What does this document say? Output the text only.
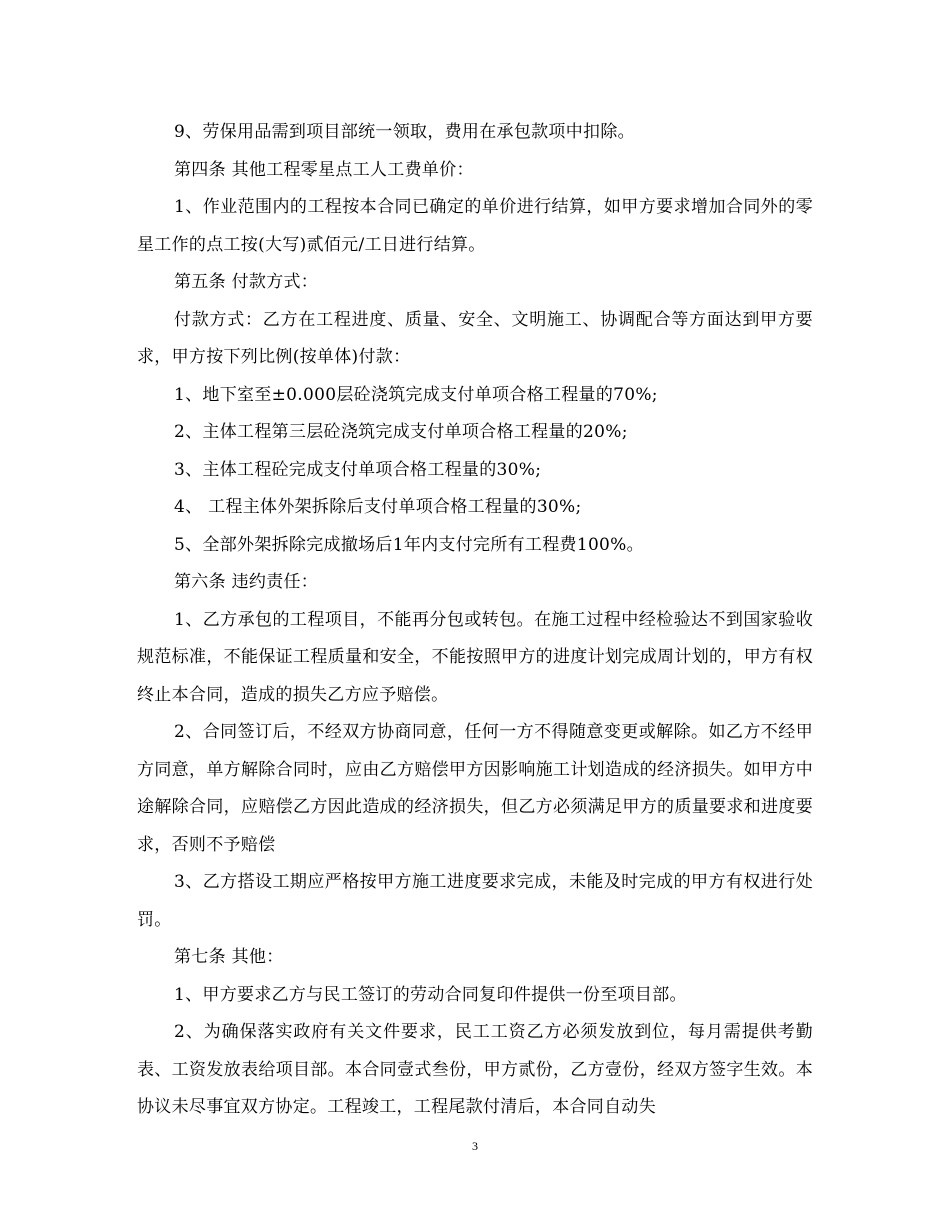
9、劳保用品需到项目部统一领取，费用在承包款项中扣除。

第四条 其他工程零星点工人工费单价：

1、作业范围内的工程按本合同已确定的单价进行结算，如甲方要求增加合同外的零星工作的点工按(大写)贰佰元/工日进行结算。

第五条 付款方式：

付款方式：乙方在工程进度、质量、安全、文明施工、协调配合等方面达到甲方要求，甲方按下列比例(按单体)付款：

1、地下室至±0.000层砼浇筑完成支付单项合格工程量的70%;

2、主体工程第三层砼浇筑完成支付单项合格工程量的20%;

3、主体工程砼完成支付单项合格工程量的30%;

4、 工程主体外架拆除后支付单项合格工程量的30%;

5、全部外架拆除完成撤场后1年内支付完所有工程费100%。

第六条 违约责任：

1、乙方承包的工程项目，不能再分包或转包。在施工过程中经检验达不到国家验收规范标准，不能保证工程质量和安全，不能按照甲方的进度计划完成周计划的，甲方有权终止本合同，造成的损失乙方应予赔偿。

2、合同签订后，不经双方协商同意，任何一方不得随意变更或解除。如乙方不经甲方同意，单方解除合同时，应由乙方赔偿甲方因影响施工计划造成的经济损失。如甲方中途解除合同，应赔偿乙方因此造成的经济损失，但乙方必须满足甲方的质量要求和进度要求，否则不予赔偿

3、乙方搭设工期应严格按甲方施工进度要求完成，未能及时完成的甲方有权进行处罚。

第七条 其他：

1、甲方要求乙方与民工签订的劳动合同复印件提供一份至项目部。

2、为确保落实政府有关文件要求，民工工资乙方必须发放到位，每月需提供考勤表、工资发放表给项目部。本合同壹式叁份，甲方贰份，乙方壹份，经双方签字生效。本协议未尽事宜双方协定。工程竣工，工程尾款付清后，本合同自动失

3
